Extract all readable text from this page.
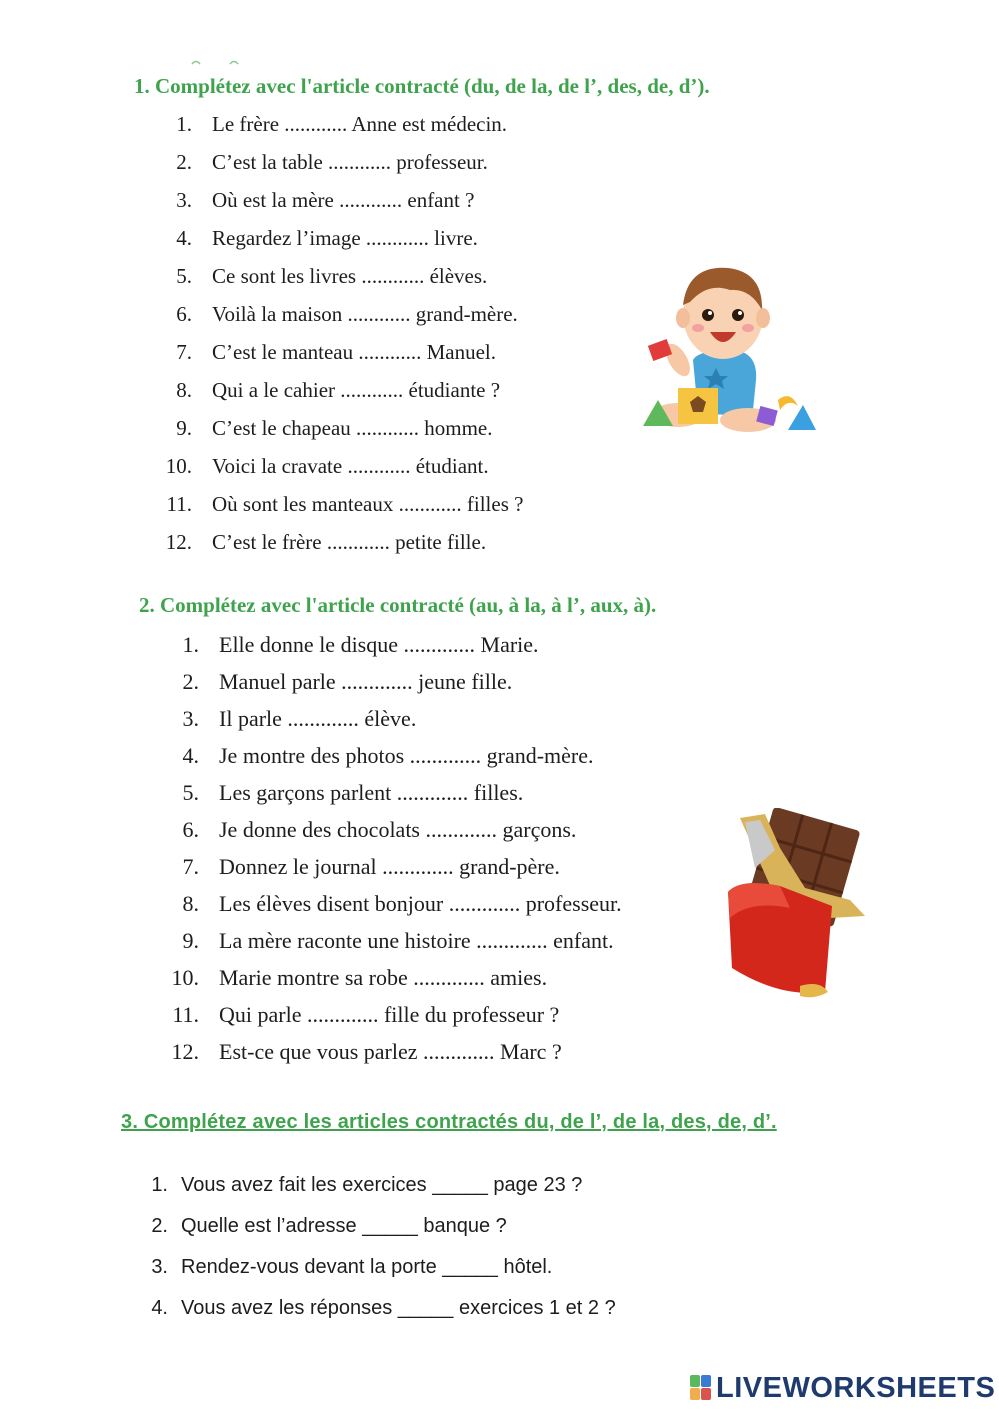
1. Complétez avec l'article contracté (du, de la, de l’, des, de, d’).
1. Le frère ............ Anne est médecin.
2. C’est la table ............ professeur.
3. Où est la mère ............ enfant ?
4. Regardez l’image ............ livre.
5. Ce sont les livres ............ élèves.
6. Voilà la maison ............ grand-mère.
7. C’est le manteau ............ Manuel.
8. Qui a le cahier ............ étudiante ?
9. C’est le chapeau ............ homme.
10. Voici la cravate ............ étudiant.
11. Où sont les manteaux ............ filles ?
12. C’est le frère ............ petite fille.
2. Complétez avec l'article contracté (au, à la, à l’, aux, à).
1. Elle donne le disque ............. Marie.
2. Manuel parle ............. jeune fille.
3. Il parle ............. élève.
4. Je montre des photos ............. grand-mère.
5. Les garçons parlent ............. filles.
6. Je donne des chocolats ............. garçons.
7. Donnez le journal ............. grand-père.
8. Les élèves disent bonjour ............. professeur.
9. La mère raconte une histoire ............. enfant.
10. Marie montre sa robe ............. amies.
11. Qui parle ............. fille du professeur ?
12. Est-ce que vous parlez ............. Marc ?
3. Complétez avec les articles contractés du, de l’, de la, des, de, d’.
1. Vous avez fait les exercices _____ page 23 ?
2. Quelle est l’adresse _____ banque ?
3. Rendez-vous devant la porte _____ hôtel.
4. Vous avez les réponses _____ exercices 1 et 2 ?
LIVEWORKSHEETS
